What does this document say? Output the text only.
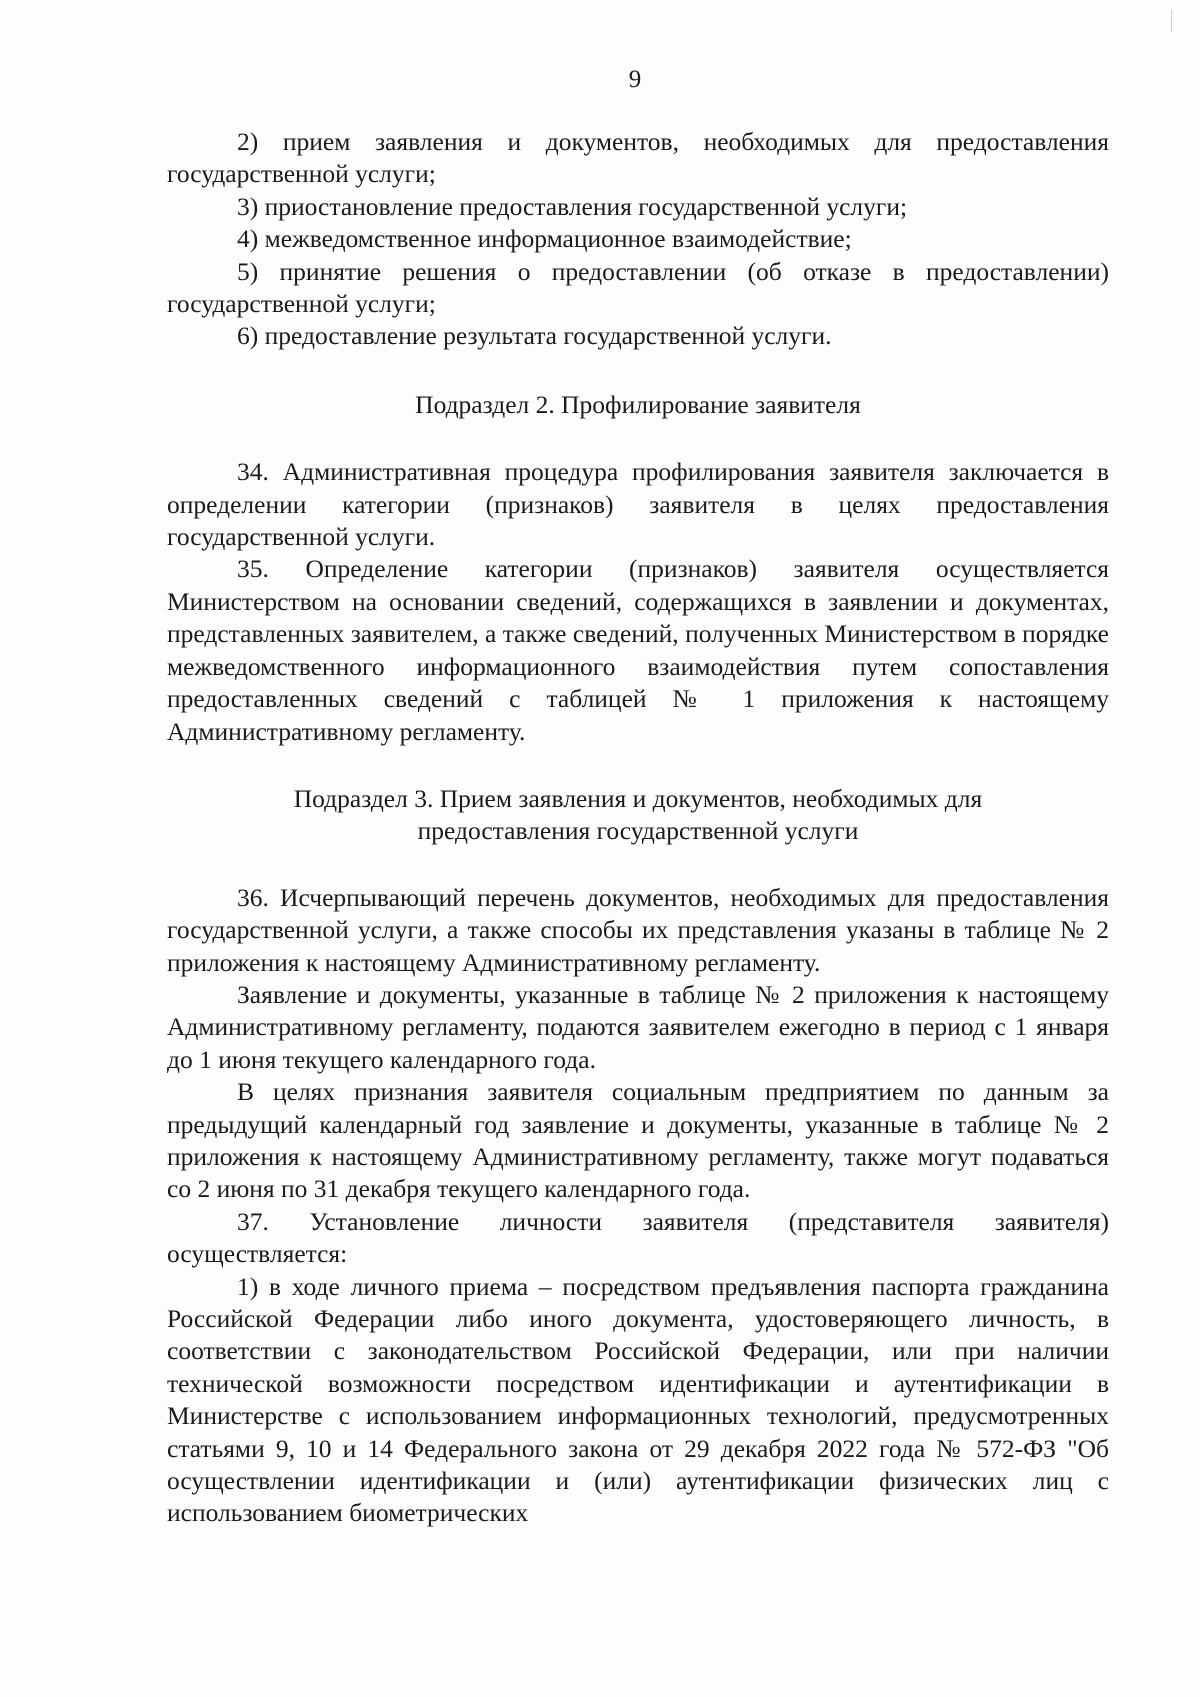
9

2) прием заявления и документов, необходимых для предоставления государственной услуги;

3) приостановление предоставления государственной услуги;

4) межведомственное информационное взаимодействие;

5) принятие решения о предоставлении (об отказе в предоставлении) государственной услуги;

6) предоставление результата государственной услуги.

Подраздел 2. Профилирование заявителя

34. Административная процедура профилирования заявителя заключается в определении категории (признаков) заявителя в целях предоставления государственной услуги.

35. Определение категории (признаков) заявителя осуществляется Министерством на основании сведений, содержащихся в заявлении и документах, представленных заявителем, а также сведений, полученных Министерством в порядке межведомственного информационного взаимодействия путем сопоставления предоставленных сведений с таблицей № 1 приложения к настоящему Административному регламенту.

Подраздел 3. Прием заявления и документов, необходимых для

предоставления государственной услуги

36. Исчерпывающий перечень документов, необходимых для предоставления государственной услуги, а также способы их представления указаны в таблице № 2 приложения к настоящему Административному регламенту.

Заявление и документы, указанные в таблице № 2 приложения к настоящему Административному регламенту, подаются заявителем ежегодно в период с 1 января до 1 июня текущего календарного года.

В целях признания заявителя социальным предприятием по данным за предыдущий календарный год заявление и документы, указанные в таблице № 2 приложения к настоящему Административному регламенту, также могут подаваться со 2 июня по 31 декабря текущего календарного года.

37. Установление личности заявителя (представителя заявителя) осуществляется:

1) в ходе личного приема – посредством предъявления паспорта гражданина Российской Федерации либо иного документа, удостоверяющего личность, в соответствии с законодательством Российской Федерации, или при наличии технической возможности посредством идентификации и аутентификации в Министерстве с использованием информационных технологий, предусмотренных статьями 9, 10 и 14 Федерального закона от 29 декабря 2022 года № 572-ФЗ "Об осуществлении идентификации и (или) аутентификации физических лиц с использованием биометрических
